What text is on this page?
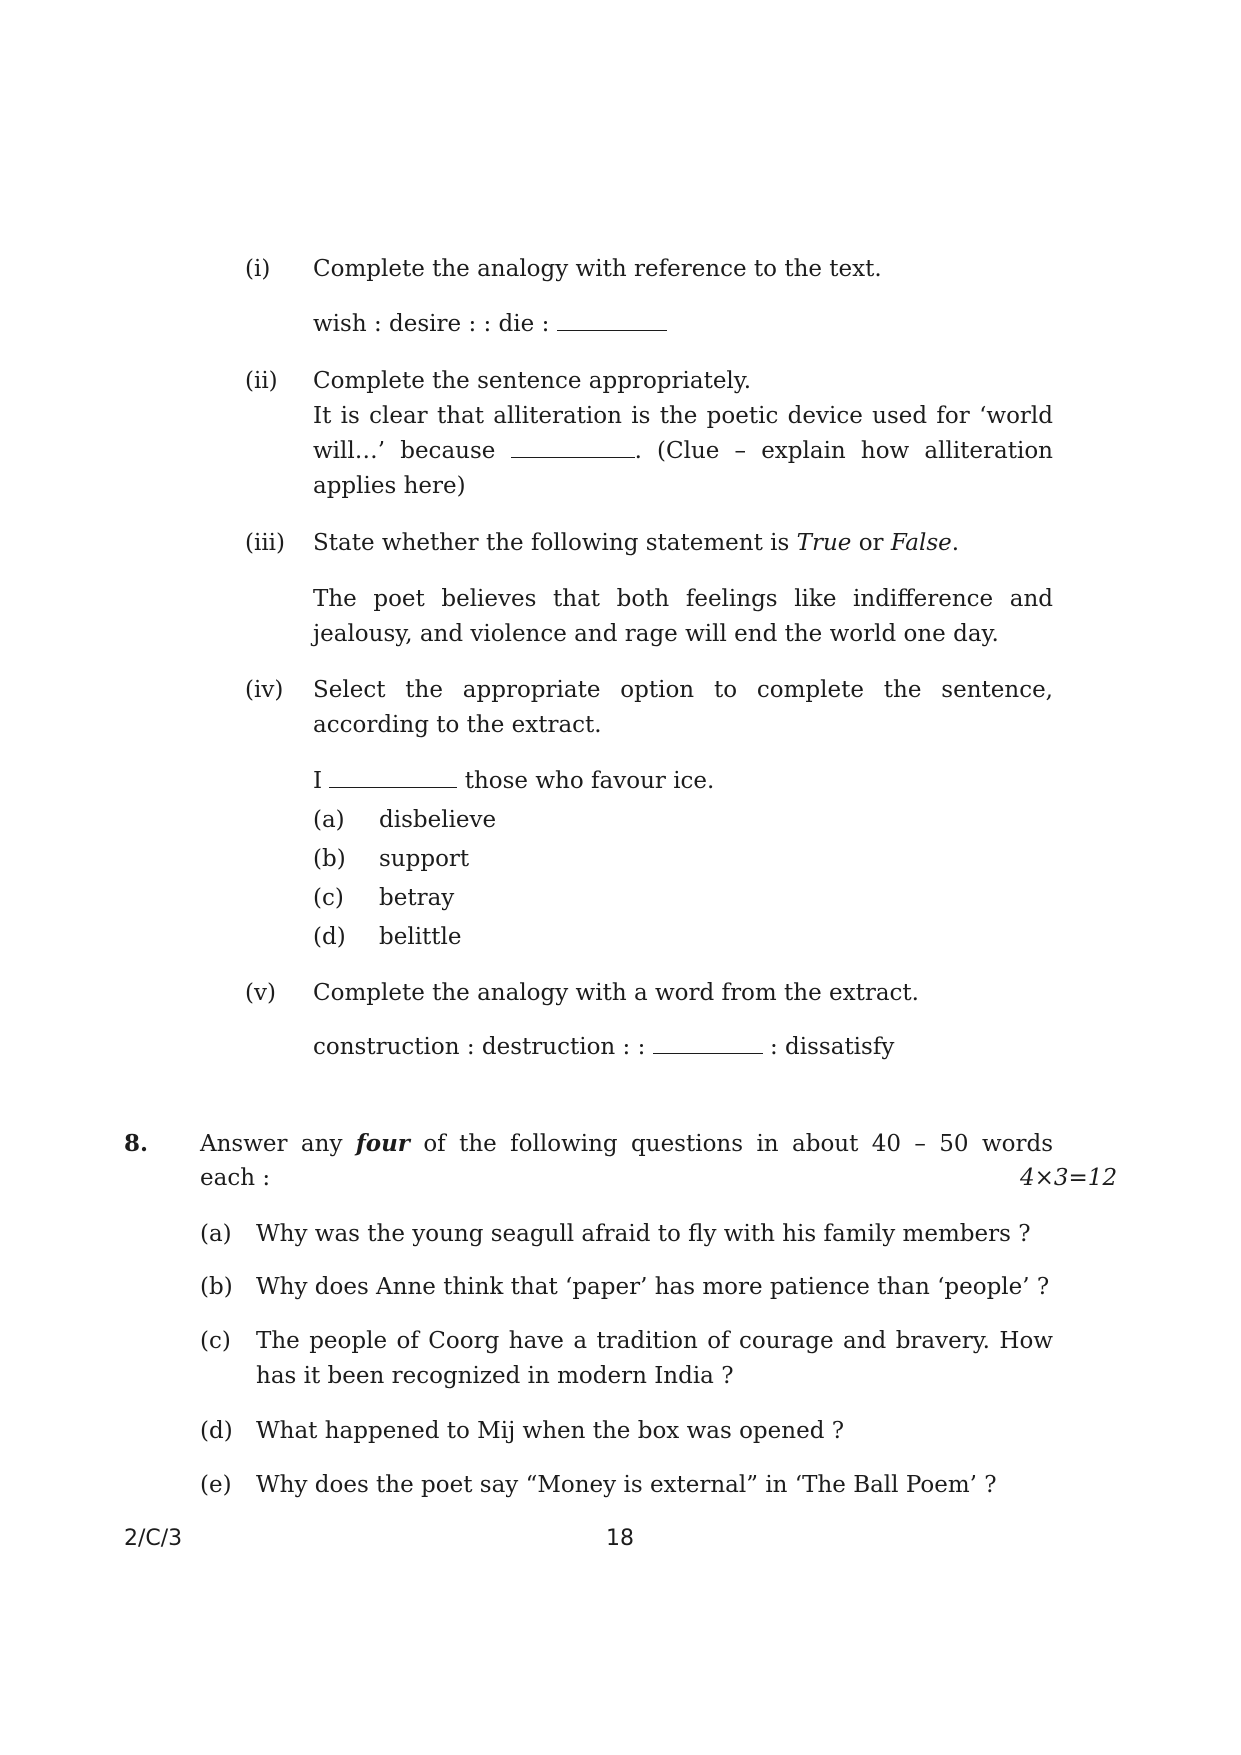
(i) Complete the analogy with reference to the text.
wish : desire : : die :
(ii) Complete the sentence appropriately.
It is clear that alliteration is the poetic device used for ‘world
will…’ because	. (Clue – explain how alliteration
applies here)
(iii) State whether the following statement is True or False.
The poet believes that both feelings like indifference and
jealousy, and violence and rage will end the world one day.
(iv) Select the appropriate option to complete the sentence,
according to the extract.
I	those who favour ice.
(a) disbelieve
(b) support
(c) betray
(d) belittle
(v) Complete the analogy with a word from the extract.
construction : destruction : :	: dissatisfy
8. Answer any four of the following questions in about 40 – 50 words
each :	4×3=12
(a) Why was the young seagull afraid to fly with his family members ?
(b) Why does Anne think that ‘paper’ has more patience than ‘people’ ?
(c) The people of Coorg have a tradition of courage and bravery. How
has it been recognized in modern India ?
(d) What happened to Mij when the box was opened ?
(e) Why does the poet say “Money is external” in ‘The Ball Poem’ ?
2/C/3	18
